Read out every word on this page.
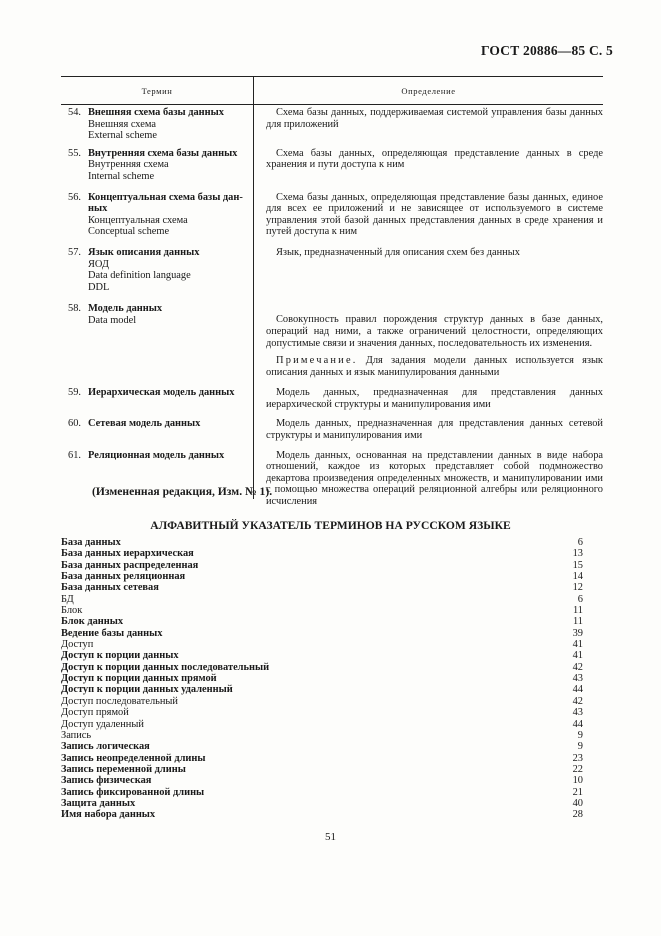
ГОСТ 20886—85 С. 5
Термин	Определение
54. Внешняя схема базы данных
Внешняя схема
External scheme
Схема базы данных, поддерживаемая системой управления базы данных для приложений
55. Внутренняя схема базы данных
Внутренняя схема
Internal scheme
Схема базы данных, определяющая представление данных в среде хранения и пути доступа к ним
56. Концептуальная схема базы дан-
ных
Концептуальная схема
Conceptual scheme
Схема базы данных, определяющая представление базы данных, единое для всех ее приложений и не зависящее от используемого в системе управления этой базой данных представления данных в среде хранения и путей доступа к ним
57. Язык описания данных
ЯОД
Data definition language
DDL
Язык, предназначенный для описания схем без данных
58. Модель данных
Data model	Совокупность правил порождения структур данных в базе данных, операций над ними, а также ограничений целостности, определяющих допустимые связи и значения данных, последовательность их изменения.
Примечание. Для задания модели данных используется язык описания данных и язык манипулирования данными
59. Иерархическая модель данных	Модель данных, предназначенная для представления данных иерархической структуры и манипулирования ими
60. Сетевая модель данных	Модель данных, предназначенная для представления данных сетевой структуры и манипулирования ими
61. Реляционная модель данных	Модель данных, основанная на представлении данных в виде набора отношений, каждое из которых представляет собой подмножество декартова произведения определенных множеств, и манипулировании ими с помощью множества операций реляционной алгебры или реляционного исчисления
(Измененная редакция, Изм. № 1).
АЛФАВИТНЫЙ УКАЗАТЕЛЬ ТЕРМИНОВ НА РУССКОМ ЯЗЫКЕ
База данных	6
База данных иерархическая	13
База данных распределенная	15
База данных реляционная	14
База данных сетевая	12
БД	6
Блок	11
Блок данных	11
Ведение базы данных	39
Доступ	41
Доступ к порции данных	41
Доступ к порции данных последовательный	42
Доступ к порции данных прямой	43
Доступ к порции данных удаленный	44
Доступ последовательный	42
Доступ прямой	43
Доступ удаленный	44
Запись	9
Запись логическая	9
Запись неопределенной длины	23
Запись переменной длины	22
Запись физическая	10
Запись фиксированной длины	21
Защита данных	40
Имя набора данных	28
51
